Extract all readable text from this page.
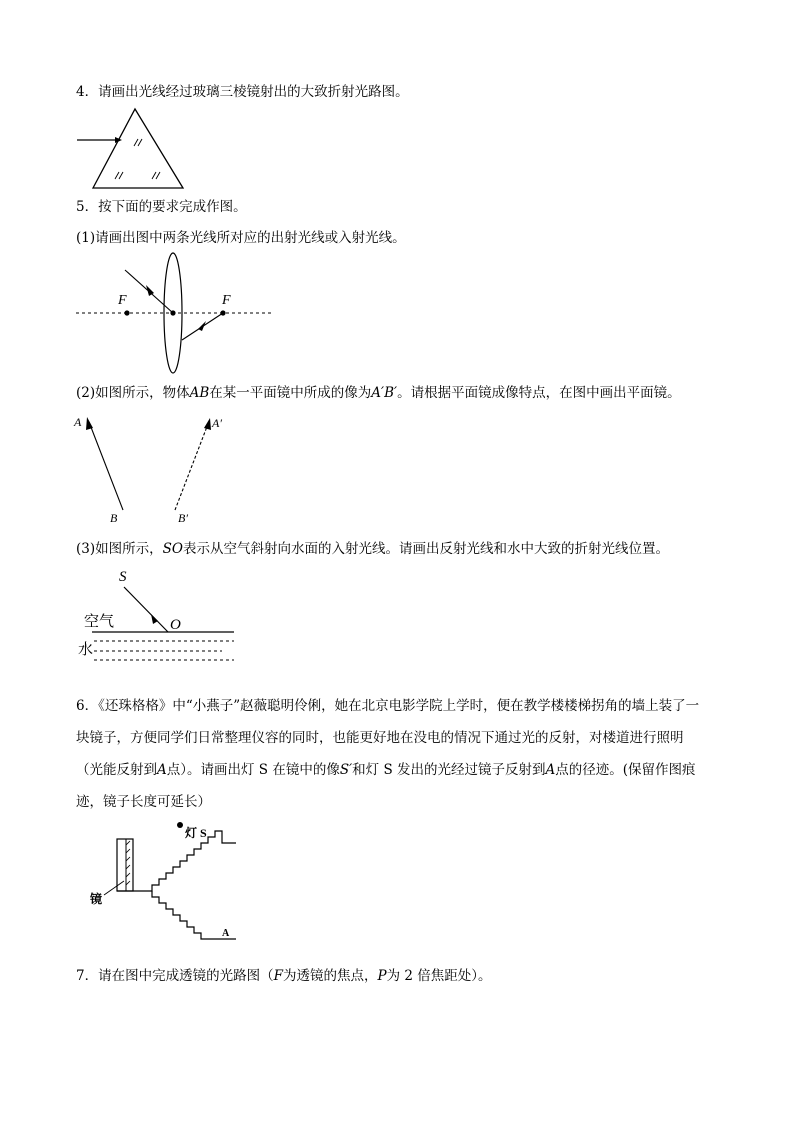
4．请画出光线经过玻璃三棱镜射出的大致折射光路图。
5．按下面的要求完成作图。
(1)请画出图中两条光线所对应的出射光线或入射光线。
F	F
(2)如图所示，物体AB在某一平面镜中所成的像为A′B′。请根据平面镜成像特点，在图中画出平面镜。
A
B
A′
B′
(3)如图所示，SO表示从空气斜射向水面的入射光线。请画出反射光线和水中大致的折射光线位置。
S
O
空气
水
6．《还珠格格》中“小燕子”赵薇聪明伶俐，她在北京电影学院上学时，便在教学楼楼梯拐角的墙上装了一
块镜子，方便同学们日常整理仪容的同时，也能更好地在没电的情况下通过光的反射，对楼道进行照明
（光能反射到A点）。请画出灯 S 在镜中的像S′和灯 S 发出的光经过镜子反射到A点的径迹。(保留作图痕
迹，镜子长度可延长）
镜
灯 S
A
7．请在图中完成透镜的光路图（F为透镜的焦点，P为 2 倍焦距处）。
